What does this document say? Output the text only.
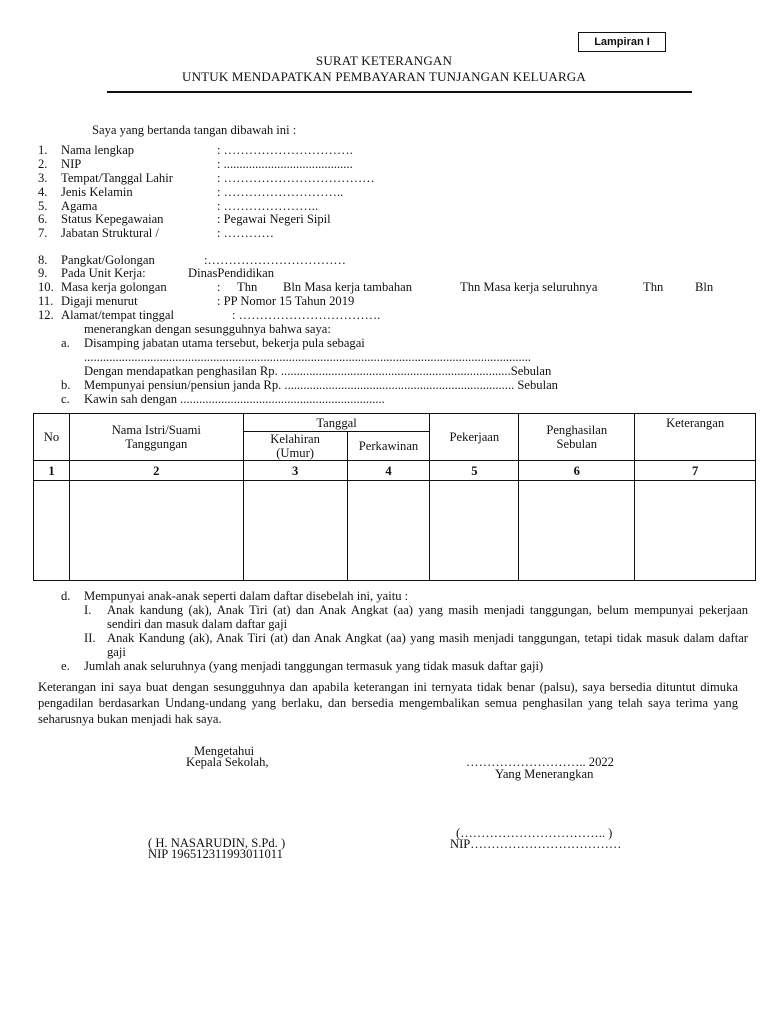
Lampiran I
SURAT KETERANGAN
UNTUK MENDAPATKAN PEMBAYARAN TUNJANGAN KELUARGA
Saya yang bertanda tangan dibawah ini :
1. Nama lengkap	: ………………………….
2. NIP	: .........................................
3. Tempat/Tanggal Lahir	: ………………………………
4. Jenis Kelamin	: ………………………..
5. Agama	: …………………..
6. Status Kepegawaian	: Pegawai Negeri Sipil
7. Jabatan Struktural /	: …………
8. Pangkat/Golongan	:……………………………
9. Pada Unit Kerja:	DinasPendidikan
10. Masa kerja golongan	: Thn Bln Masa kerja tambahan	Thn Masa kerja seluruhnya	Thn	Bln
11. Digaji menurut	: PP Nomor 15 Tahun 2019
12. Alamat/tempat tinggal	: …………………………….
menerangkan dengan sesungguhnya bahwa saya:
a. Disamping jabatan utama tersebut, bekerja pula sebagai
..............................................................................................................................................
Dengan mendapatkan penghasilan Rp. .........................................................................Sebulan
b. Mempunyai pensiun/pensiun janda Rp. ......................................................................... Sebulan
c. Kawin sah dengan .................................................................
No	Nama Istri/Suami Tanggungan	Tanggal		Pekerjaan	Penghasilan Sebulan	Keterangan
		Kelahiran (Umur)	Perkawinan			
1	2	3	4	5	6	7

d. Mempunyai anak-anak seperti dalam daftar disebelah ini, yaitu :
I. Anak kandung (ak), Anak Tiri (at) dan Anak Angkat (aa) yang masih menjadi tanggungan, belum mempunyai pekerjaan sendiri dan masuk dalam daftar gaji
II. Anak Kandung (ak), Anak Tiri (at) dan Anak Angkat (aa) yang masih menjadi tanggungan, tetapi tidak masuk dalam daftar gaji
e. Jumlah anak seluruhnya (yang menjadi tanggungan termasuk yang tidak masuk daftar gaji)
Keterangan ini saya buat dengan sesungguhnya dan apabila keterangan ini ternyata tidak benar (palsu), saya bersedia dituntut dimuka pengadilan berdasarkan Undang-undang yang berlaku, dan bersedia mengembalikan semua penghasilan yang telah saya terima yang seharusnya bukan menjadi hak saya.
Mengetahui
Kepala Sekolah,	……………………….. 2022
Yang Menerangkan
( H. NASARUDIN, S.Pd. )
NIP 196512311993011011
(…………………………….. )
NIP………………………………
